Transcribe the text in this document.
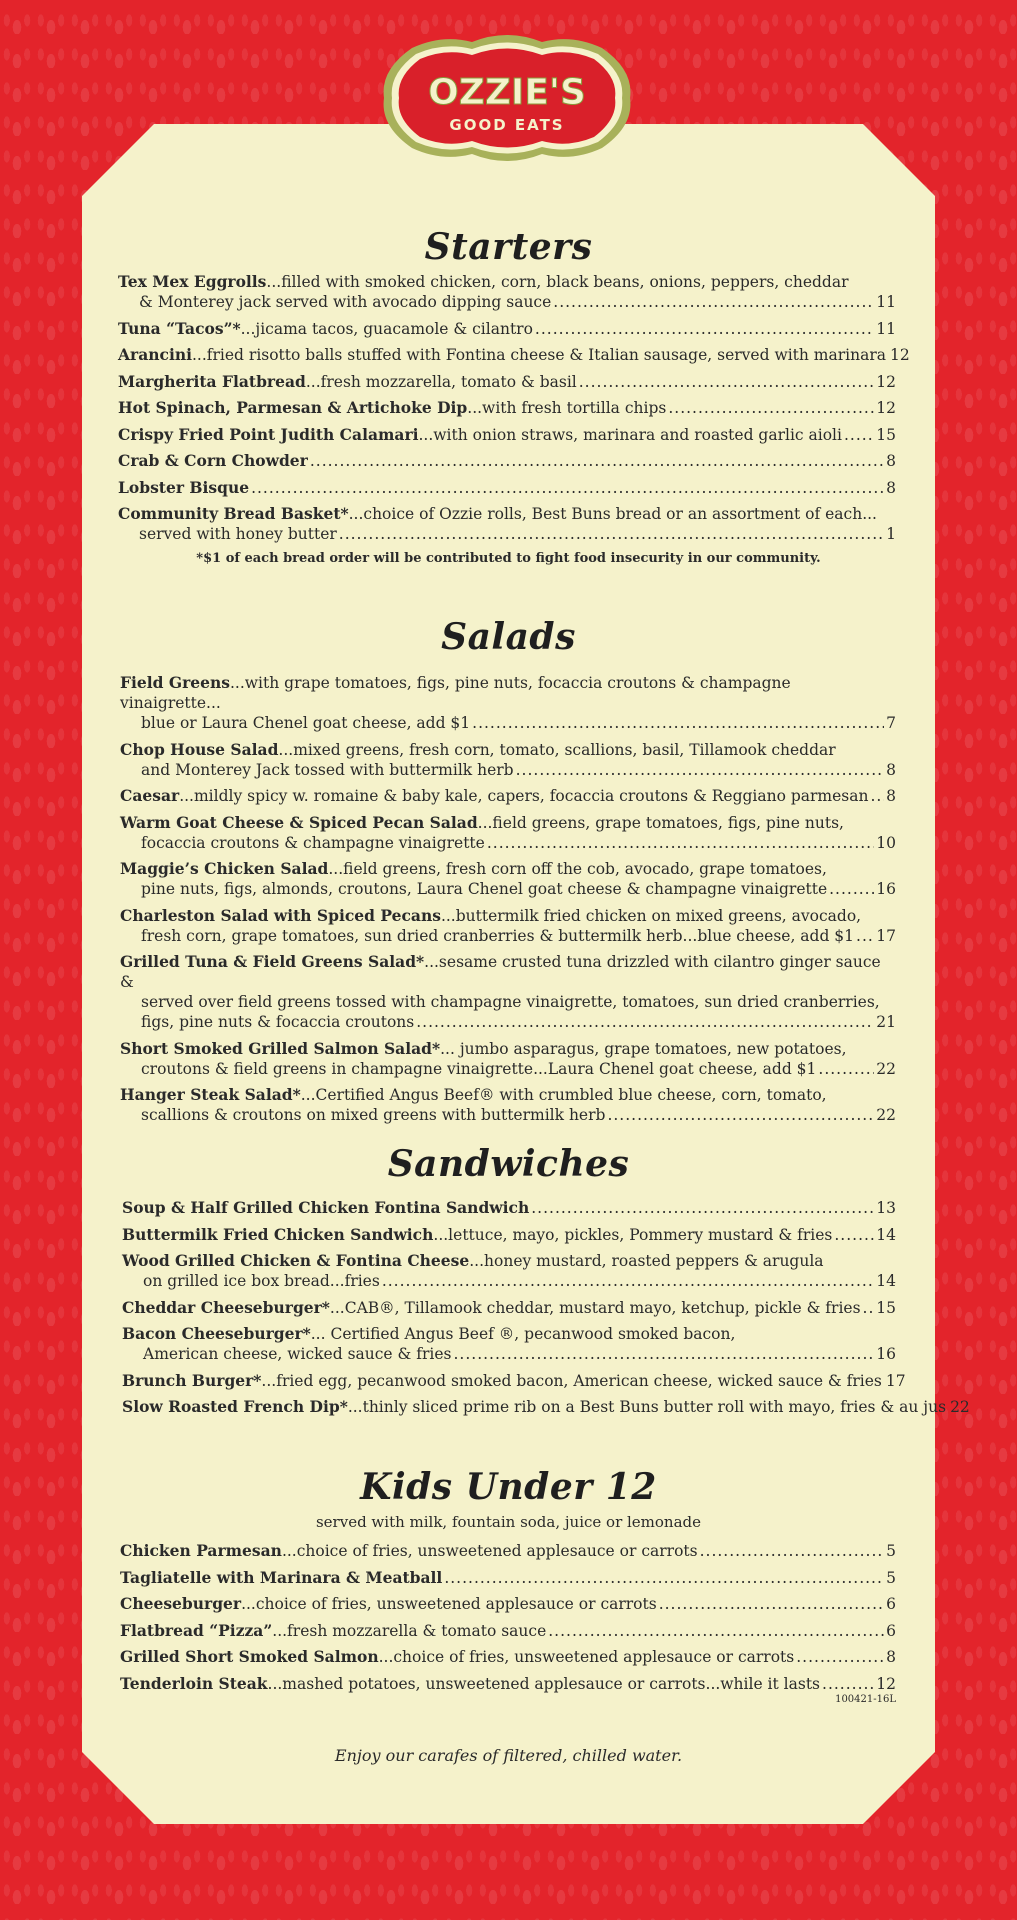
OZZIE'S
GOOD EATS
Starters
Tex Mex Eggrolls...filled with smoked chicken, corn, black beans, onions, peppers, cheddar
& Monterey jack served with avocado dipping sauce .....	11
Tuna “Tacos”*...jicama tacos, guacamole & cilantro .....	11
Arancini...fried risotto balls stuffed with Fontina cheese & Italian sausage, served with marinara 12
Margherita Flatbread...fresh mozzarella, tomato & basil .....	12
Hot Spinach, Parmesan & Artichoke Dip...with fresh tortilla chips .....	12
Crispy Fried Point Judith Calamari...with onion straws, marinara and roasted garlic aioli ..... 15
Crab & Corn Chowder .....	8
Lobster Bisque .....	8
Community Bread Basket*...choice of Ozzie rolls, Best Buns bread or an assortment of each...
served with honey butter .....	1
*$1 of each bread order will be contributed to fight food insecurity in our community.
Salads
Field Greens...with grape tomatoes, figs, pine nuts, focaccia croutons & champagne vinaigrette...
blue or Laura Chenel goat cheese, add $1 .....	7
Chop House Salad...mixed greens, fresh corn, tomato, scallions, basil, Tillamook cheddar
and Monterey Jack tossed with buttermilk herb .....	8
Caesar...mildly spicy w. romaine & baby kale, capers, focaccia croutons & Reggiano parmesan ..... 8
Warm Goat Cheese & Spiced Pecan Salad...field greens, grape tomatoes, figs, pine nuts,
focaccia croutons & champagne vinaigrette .....	10
Maggie’s Chicken Salad...field greens, fresh corn off the cob, avocado, grape tomatoes,
pine nuts, figs, almonds, croutons, Laura Chenel goat cheese & champagne vinaigrette .....	16
Charleston Salad with Spiced Pecans...buttermilk fried chicken on mixed greens, avocado,
fresh corn, grape tomatoes, sun dried cranberries & buttermilk herb...blue cheese, add $1 ..... 17
Grilled Tuna & Field Greens Salad*...sesame crusted tuna drizzled with cilantro ginger sauce &
served over field greens tossed with champagne vinaigrette, tomatoes, sun dried cranberries,
figs, pine nuts & focaccia croutons .....	21
Short Smoked Grilled Salmon Salad*... jumbo asparagus, grape tomatoes, new potatoes,
croutons & field greens in champagne vinaigrette...Laura Chenel goat cheese, add $1 .....	22
Hanger Steak Salad*...Certified Angus Beef® with crumbled blue cheese, corn, tomato,
scallions & croutons on mixed greens with buttermilk herb .....	22
Sandwiches
Soup & Half Grilled Chicken Fontina Sandwich .....	13
Buttermilk Fried Chicken Sandwich...lettuce, mayo, pickles, Pommery mustard & fries .....	14
Wood Grilled Chicken & Fontina Cheese...honey mustard, roasted peppers & arugula
on grilled ice box bread...fries .....	14
Cheddar Cheeseburger*...CAB®, Tillamook cheddar, mustard mayo, ketchup, pickle & fries ..... 15
Bacon Cheeseburger*... Certified Angus Beef ®, pecanwood smoked bacon,
American cheese, wicked sauce & fries .....	16
Brunch Burger*...fried egg, pecanwood smoked bacon, American cheese, wicked sauce & fries 17
Slow Roasted French Dip*...thinly sliced prime rib on a Best Buns butter roll with mayo, fries & au jus 22
Kids Under 12
served with milk, fountain soda, juice or lemonade
Chicken Parmesan...choice of fries, unsweetened applesauce or carrots .....	5
Tagliatelle with Marinara & Meatball .....	5
Cheeseburger...choice of fries, unsweetened applesauce or carrots .....	6
Flatbread “Pizza”...fresh mozzarella & tomato sauce .....	6
Grilled Short Smoked Salmon...choice of fries, unsweetened applesauce or carrots .....	8
Tenderloin Steak...mashed potatoes, unsweetened applesauce or carrots...while it lasts .....	12
100421-16L
Enjoy our carafes of filtered, chilled water.
